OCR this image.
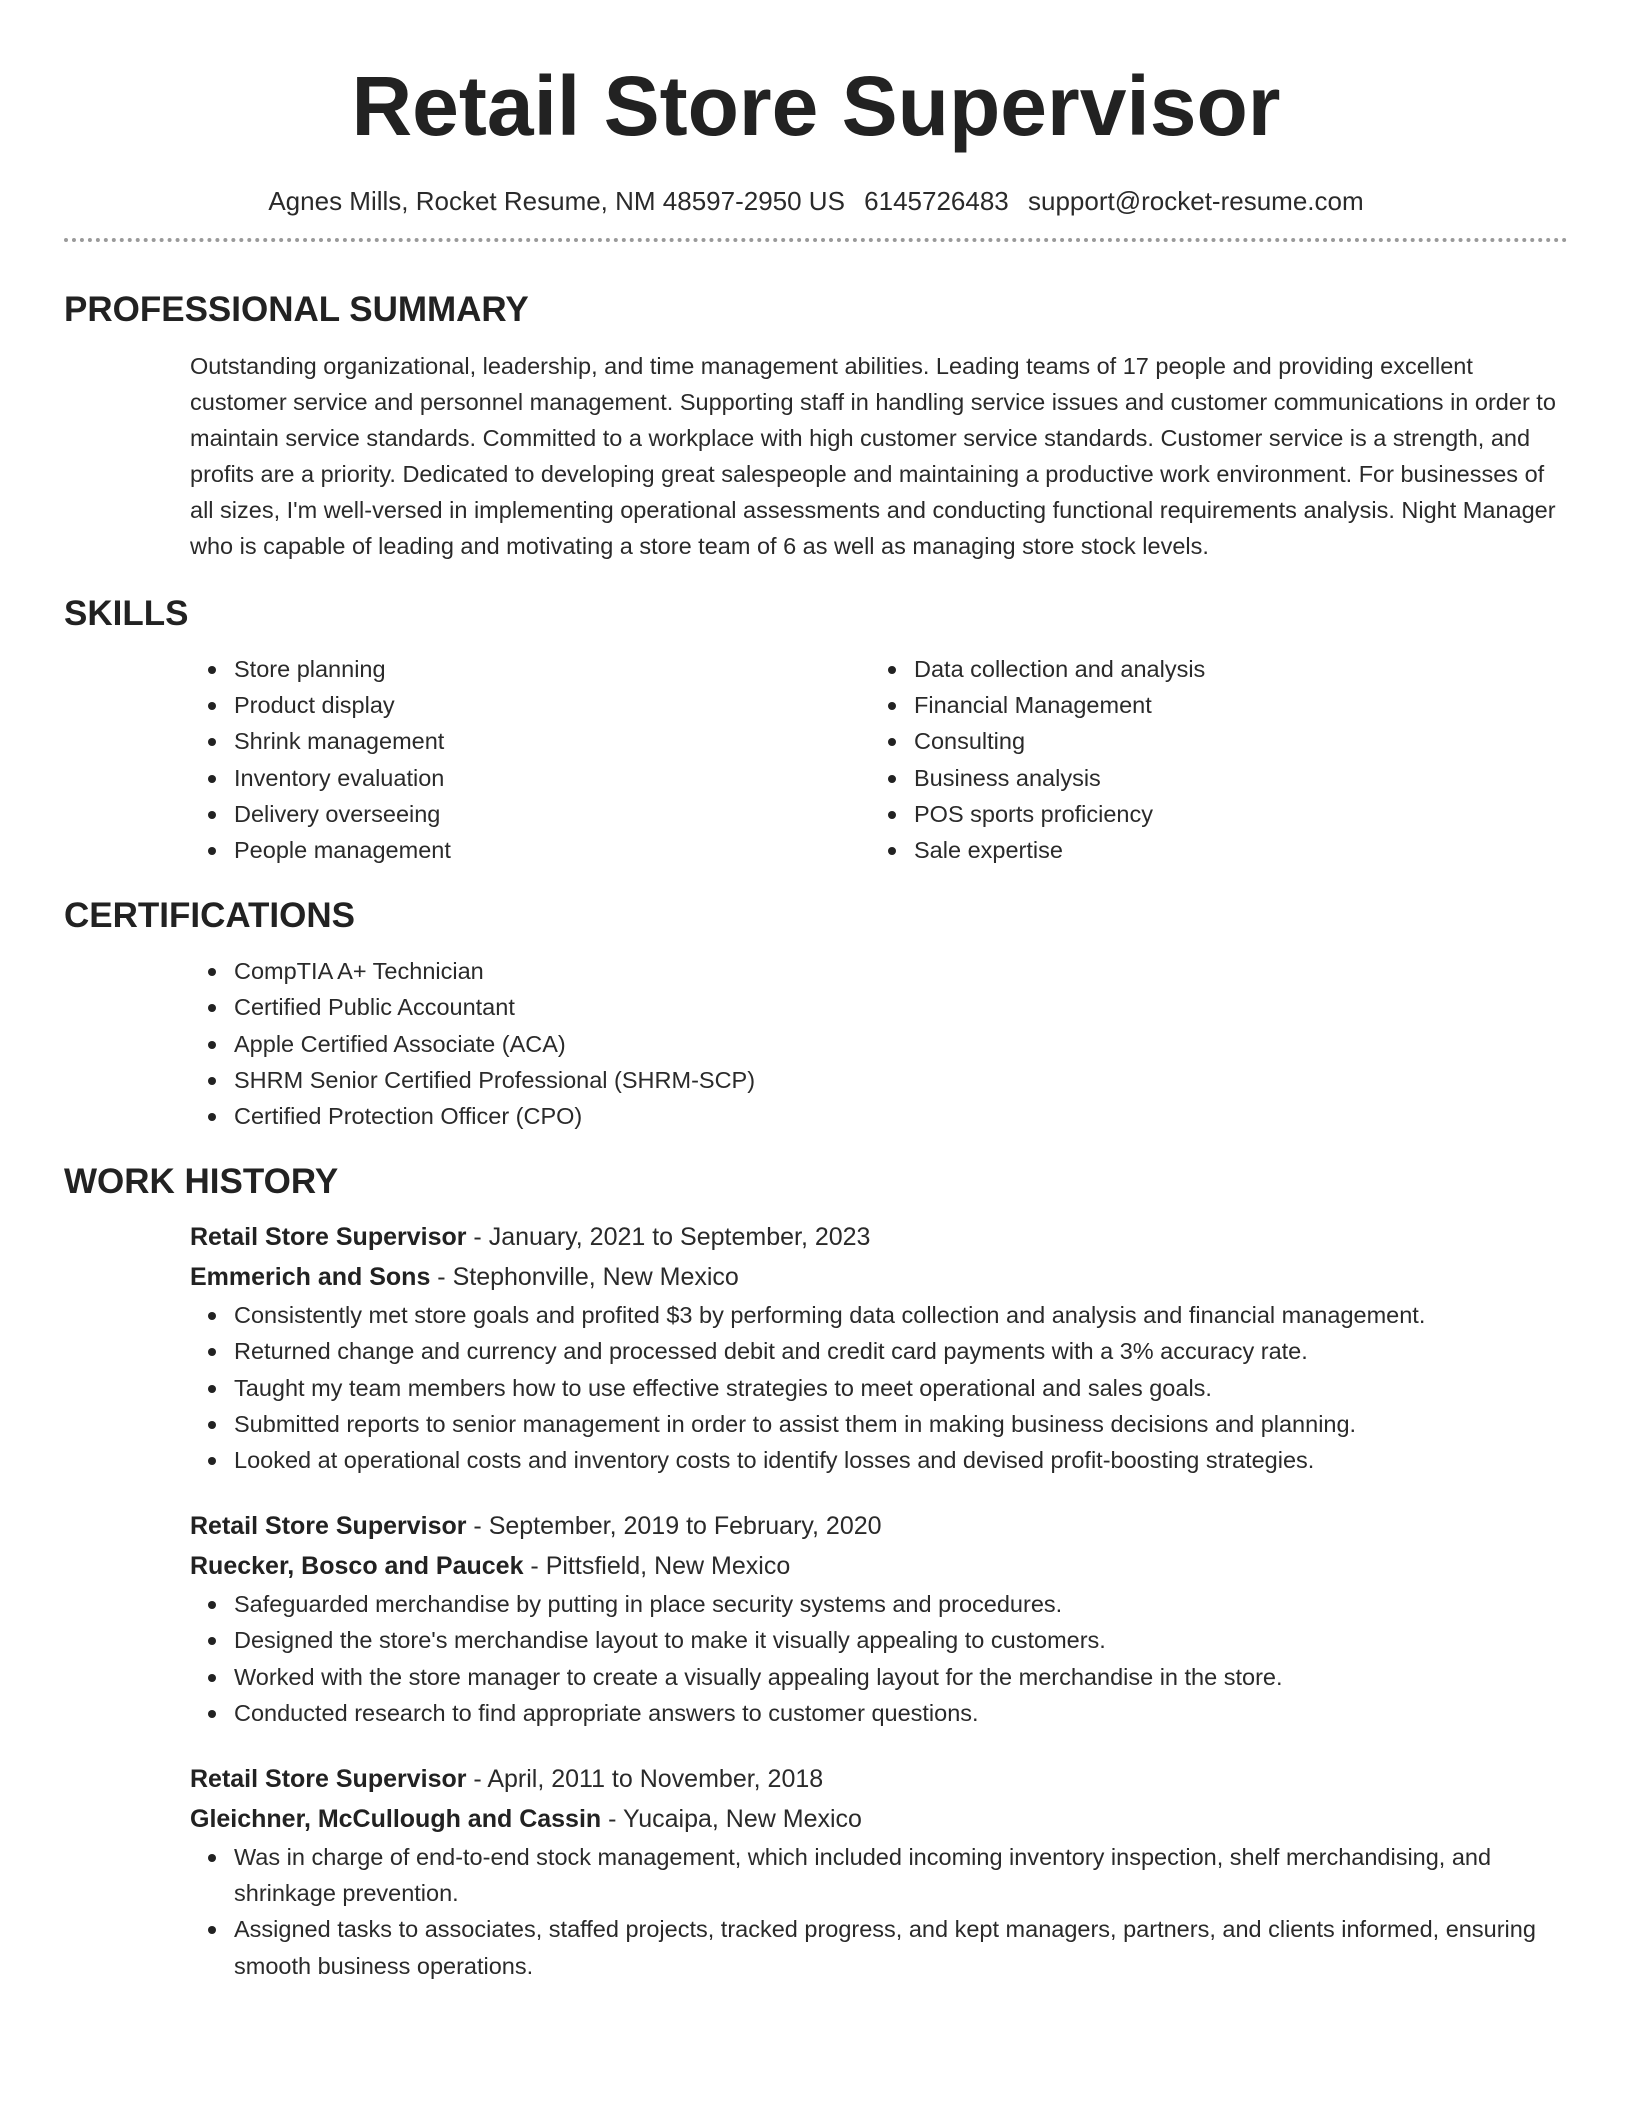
Retail Store Supervisor
Agnes Mills, Rocket Resume, NM 48597-2950 US 6145726483 support@rocket-resume.com
PROFESSIONAL SUMMARY

Outstanding organizational, leadership, and time management abilities. Leading teams of 17 people and providing excellent customer service and personnel management. Supporting staff in handling service issues and customer communications in order to maintain service standards. Committed to a workplace with high customer service standards. Customer service is a strength, and profits are a priority. Dedicated to developing great salespeople and maintaining a productive work environment. For businesses of all sizes, I'm well-versed in implementing operational assessments and conducting functional requirements analysis. Night Manager who is capable of leading and motivating a store team of 6 as well as managing store stock levels.

SKILLS
Store planning
Product display
Shrink management
Inventory evaluation
Delivery overseeing
People management
Data collection and analysis
Financial Management
Consulting
Business analysis
POS sports proficiency
Sale expertise
CERTIFICATIONS
CompTIA A+ Technician
Certified Public Accountant
Apple Certified Associate (ACA)
SHRM Senior Certified Professional (SHRM-SCP)
Certified Protection Officer (CPO)
WORK HISTORY
Retail Store Supervisor - January, 2021 to September, 2023
Emmerich and Sons - Stephonville, New Mexico
Consistently met store goals and profited $3 by performing data collection and analysis and financial management.
Returned change and currency and processed debit and credit card payments with a 3% accuracy rate.
Taught my team members how to use effective strategies to meet operational and sales goals.
Submitted reports to senior management in order to assist them in making business decisions and planning.
Looked at operational costs and inventory costs to identify losses and devised profit-boosting strategies.
Retail Store Supervisor - September, 2019 to February, 2020
Ruecker, Bosco and Paucek - Pittsfield, New Mexico
Safeguarded merchandise by putting in place security systems and procedures.
Designed the store's merchandise layout to make it visually appealing to customers.
Worked with the store manager to create a visually appealing layout for the merchandise in the store.
Conducted research to find appropriate answers to customer questions.
Retail Store Supervisor - April, 2011 to November, 2018
Gleichner, McCullough and Cassin - Yucaipa, New Mexico
Was in charge of end-to-end stock management, which included incoming inventory inspection, shelf merchandising, and shrinkage prevention.
Assigned tasks to associates, staffed projects, tracked progress, and kept managers, partners, and clients informed, ensuring smooth business operations.
